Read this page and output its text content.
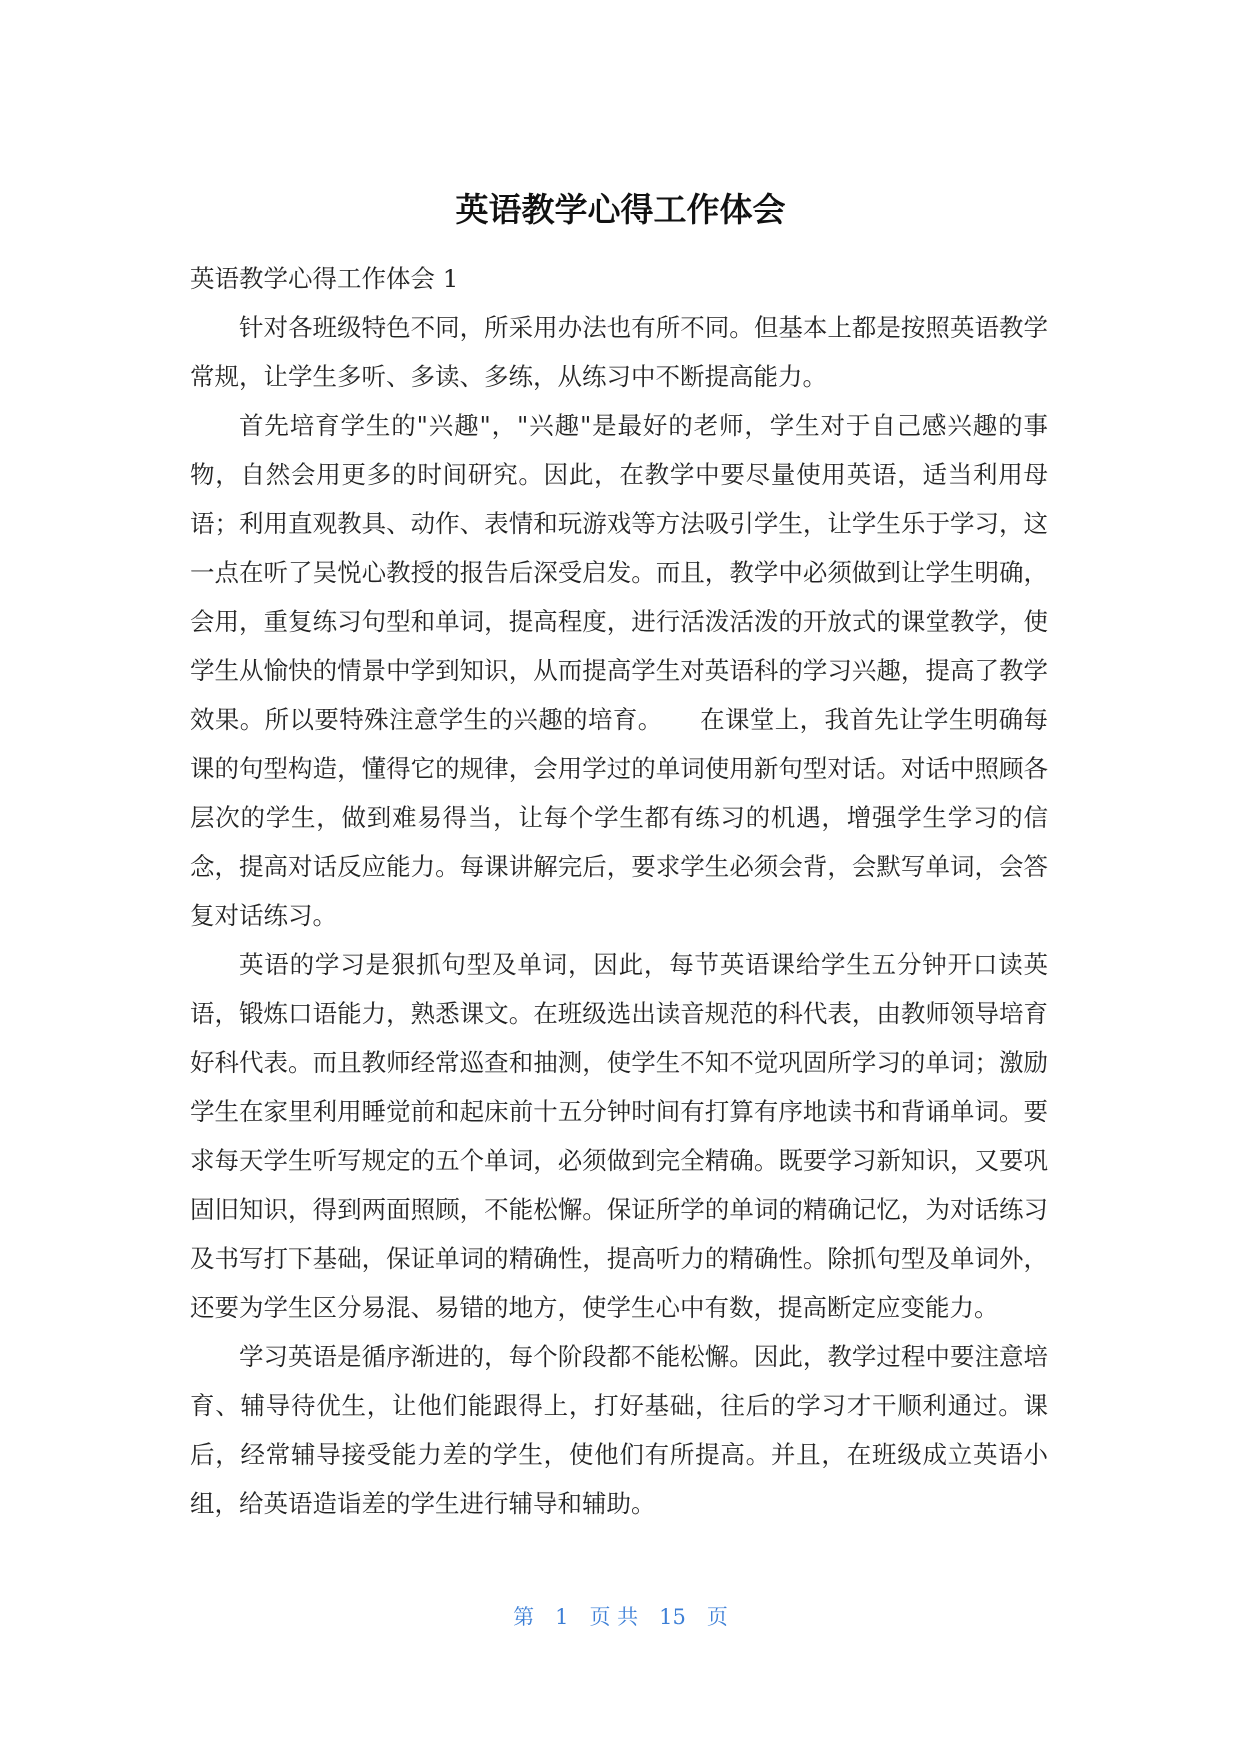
英语教学心得工作体会

英语教学心得工作体会 1

针对各班级特色不同，所采用办法也有所不同。但基本上都是按照英语教学常规，让学生多听、多读、多练，从练习中不断提高能力。

首先培育学生的"兴趣"，"兴趣"是最好的老师，学生对于自己感兴趣的事物，自然会用更多的时间研究。因此，在教学中要尽量使用英语，适当利用母语；利用直观教具、动作、表情和玩游戏等方法吸引学生，让学生乐于学习，这一点在听了吴悦心教授的报告后深受启发。而且，教学中必须做到让学生明确，会用，重复练习句型和单词，提高程度，进行活泼活泼的开放式的课堂教学，使学生从愉快的情景中学到知识，从而提高学生对英语科的学习兴趣，提高了教学效果。所以要特殊注意学生的兴趣的培育。　　在课堂上，我首先让学生明确每课的句型构造，懂得它的规律，会用学过的单词使用新句型对话。对话中照顾各层次的学生，做到难易得当，让每个学生都有练习的机遇，增强学生学习的信念，提高对话反应能力。每课讲解完后，要求学生必须会背，会默写单词，会答复对话练习。

英语的学习是狠抓句型及单词，因此，每节英语课给学生五分钟开口读英语，锻炼口语能力，熟悉课文。在班级选出读音规范的科代表，由教师领导培育好科代表。而且教师经常巡查和抽测，使学生不知不觉巩固所学习的单词；激励学生在家里利用睡觉前和起床前十五分钟时间有打算有序地读书和背诵单词。要求每天学生听写规定的五个单词，必须做到完全精确。既要学习新知识，又要巩固旧知识，得到两面照顾，不能松懈。保证所学的单词的精确记忆，为对话练习及书写打下基础，保证单词的精确性，提高听力的精确性。除抓句型及单词外，还要为学生区分易混、易错的地方，使学生心中有数，提高断定应变能力。

学习英语是循序渐进的，每个阶段都不能松懈。因此，教学过程中要注意培育、辅导待优生，让他们能跟得上，打好基础，往后的学习才干顺利通过。课后，经常辅导接受能力差的学生，使他们有所提高。并且，在班级成立英语小组，给英语造诣差的学生进行辅导和辅助。

第　1　页 共　15　页
